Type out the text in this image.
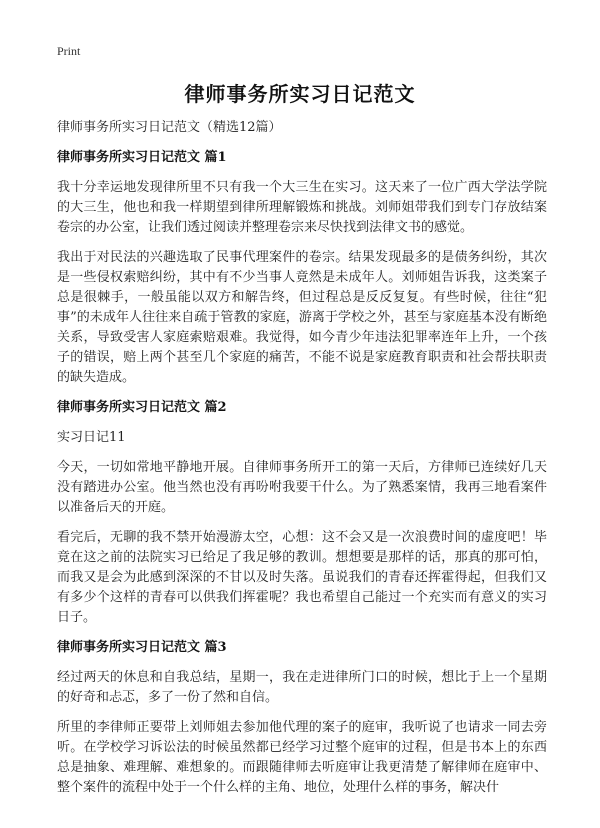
Print
律师事务所实习日记范文

律师事务所实习日记范文（精选12篇）

律师事务所实习日记范文 篇1

我十分幸运地发现律所里不只有我一个大三生在实习。这天来了一位广西大学法学院的大三生，他也和我一样期望到律所理解锻炼和挑战。刘师姐带我们到专门存放结案卷宗的办公室，让我们透过阅读并整理卷宗来尽快找到法律文书的感觉。

我出于对民法的兴趣选取了民事代理案件的卷宗。结果发现最多的是债务纠纷，其次是一些侵权索赔纠纷，其中有不少当事人竟然是未成年人。刘师姐告诉我，这类案子总是很棘手，一般虽能以双方和解告终，但过程总是反反复复。有些时候，往往“犯事”的未成年人往往来自疏于管教的家庭，游离于学校之外，甚至与家庭基本没有断绝关系，导致受害人家庭索赔艰难。我觉得，如今青少年违法犯罪率连年上升，一个孩子的错误，赔上两个甚至几个家庭的痛苦，不能不说是家庭教育职责和社会帮扶职责的缺失造成。

律师事务所实习日记范文 篇2

实习日记11

今天，一切如常地平静地开展。自律师事务所开工的第一天后，方律师已连续好几天没有踏进办公室。他当然也没有再吩咐我要干什么。为了熟悉案情，我再三地看案件以准备后天的开庭。

看完后，无聊的我不禁开始漫游太空，心想：这不会又是一次浪费时间的虚度吧！毕竟在这之前的法院实习已给足了我足够的教训。想想要是那样的话，那真的那可怕，而我又是会为此感到深深的不甘以及时失落。虽说我们的青春还挥霍得起，但我们又有多少个这样的青春可以供我们挥霍呢？我也希望自己能过一个充实而有意义的实习日子。

律师事务所实习日记范文 篇3

经过两天的休息和自我总结，星期一，我在走进律所门口的时候，想比于上一个星期的好奇和忐忑，多了一份了然和自信。

所里的李律师正要带上刘师姐去参加他代理的案子的庭审，我听说了也请求一同去旁听。在学校学习诉讼法的时候虽然都已经学习过整个庭审的过程，但是书本上的东西总是抽象、难理解、难想象的。而跟随律师去听庭审让我更清楚了解律师在庭审中、整个案件的流程中处于一个什么样的主角、地位，处理什么样的事务，解决什
